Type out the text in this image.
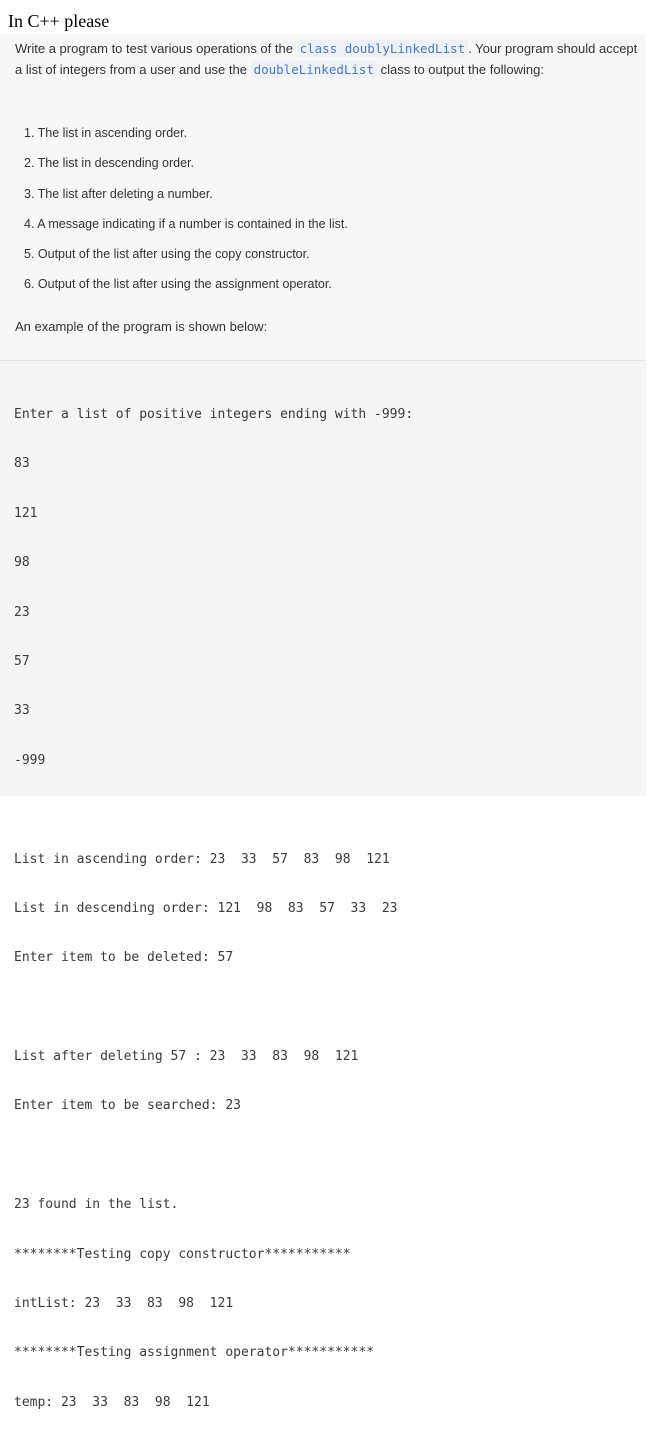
In C++ please
Write a program to test various operations of the class doublyLinkedList . Your program should accept a list of integers from a user and use the doubleLinkedList class to output the following:
1. The list in ascending order.
2. The list in descending order.
3. The list after deleting a number.
4. A message indicating if a number is contained in the list.
5. Output of the list after using the copy constructor.
6. Output of the list after using the assignment operator.
An example of the program is shown below:

Enter a list of positive integers ending with -999:

83

121

98

23

57

33

-999

List in ascending order: 23  33  57  83  98  121

List in descending order: 121  98  83  57  33  23

Enter item to be deleted: 57

List after deleting 57 : 23  33  83  98  121

Enter item to be searched: 23

23 found in the list.

********Testing copy constructor***********

intList: 23  33  83  98  121

********Testing assignment operator***********

temp: 23  33  83  98  121
